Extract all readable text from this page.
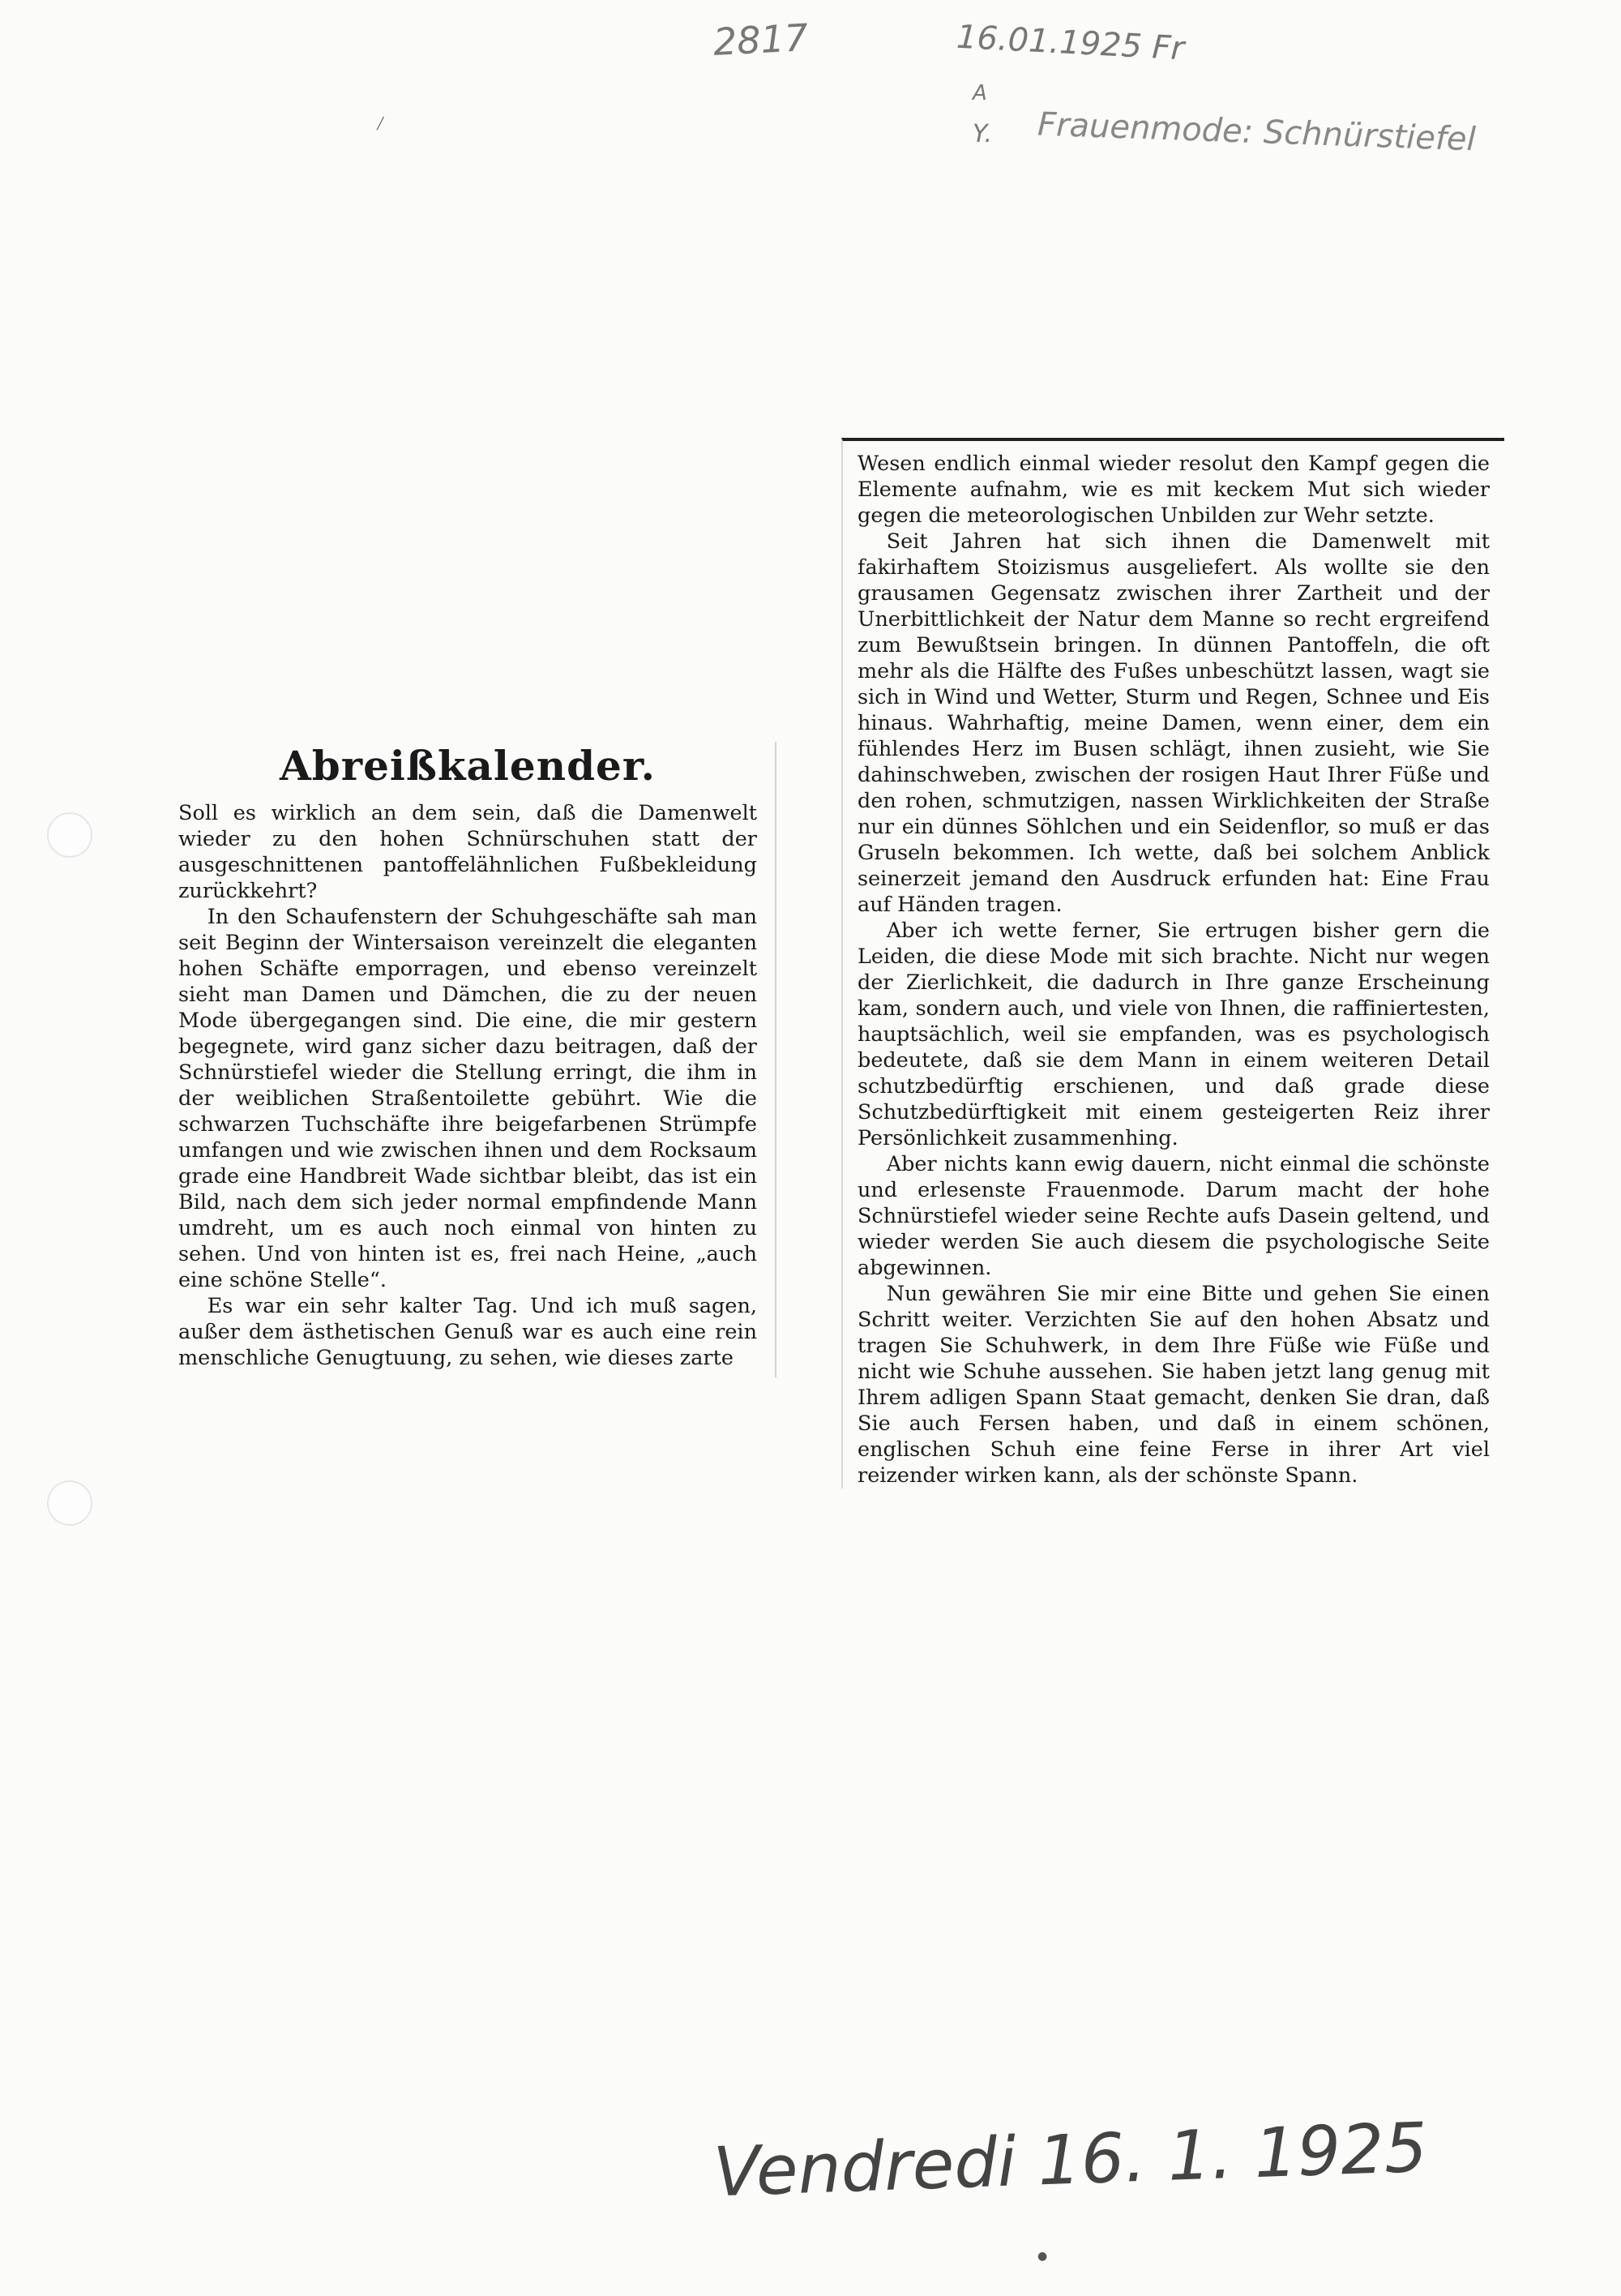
2817	16.01.1925 Fr
A
Y. Frauenmode: Schnürstiefel
╱
●
Abreißkalender.

Soll es wirklich an dem sein, daß die Damenwelt wieder zu den hohen Schnürschuhen statt der ausgeschnittenen pantoffelähnlichen Fußbekleidung zurückkehrt?

In den Schaufenstern der Schuhgeschäfte sah man seit Beginn der Wintersaison vereinzelt die eleganten hohen Schäfte emporragen, und ebenso vereinzelt sieht man Damen und Dämchen, die zu der neuen Mode übergegangen sind. Die eine, die mir gestern begegnete, wird ganz sicher dazu beitragen, daß der Schnürstiefel wieder die Stellung erringt, die ihm in der weiblichen Straßentoilette gebührt. Wie die schwarzen Tuchschäfte ihre beigefarbenen Strümpfe umfangen und wie zwischen ihnen und dem Rocksaum grade eine Handbreit Wade sichtbar bleibt, das ist ein Bild, nach dem sich jeder normal empfindende Mann umdreht, um es auch noch einmal von hinten zu sehen. Und von hinten ist es, frei nach Heine, „auch eine schöne Stelle“.

Es war ein sehr kalter Tag. Und ich muß sagen, außer dem ästhetischen Genuß war es auch eine rein menschliche Genugtuung, zu sehen, wie dieses zarte

Wesen endlich einmal wieder resolut den Kampf gegen die Elemente aufnahm, wie es mit keckem Mut sich wieder gegen die meteorologischen Unbilden zur Wehr setzte.

Seit Jahren hat sich ihnen die Damenwelt mit fakirhaftem Stoizismus ausgeliefert. Als wollte sie den grausamen Gegensatz zwischen ihrer Zartheit und der Unerbittlichkeit der Natur dem Manne so recht ergreifend zum Bewußtsein bringen. In dünnen Pantoffeln, die oft mehr als die Hälfte des Fußes unbeschützt lassen, wagt sie sich in Wind und Wetter, Sturm und Regen, Schnee und Eis hinaus. Wahrhaftig, meine Damen, wenn einer, dem ein fühlendes Herz im Busen schlägt, ihnen zusieht, wie Sie dahinschweben, zwischen der rosigen Haut Ihrer Füße und den rohen, schmutzigen, nassen Wirklichkeiten der Straße nur ein dünnes Söhlchen und ein Seidenflor, so muß er das Gruseln bekommen. Ich wette, daß bei solchem Anblick seinerzeit jemand den Ausdruck erfunden hat: Eine Frau auf Händen tragen.

Aber ich wette ferner, Sie ertrugen bisher gern die Leiden, die diese Mode mit sich brachte. Nicht nur wegen der Zierlichkeit, die dadurch in Ihre ganze Erscheinung kam, sondern auch, und viele von Ihnen, die raffiniertesten, hauptsächlich, weil sie empfanden, was es psychologisch bedeutete, daß sie dem Mann in einem weiteren Detail schutzbedürftig erschienen, und daß grade diese Schutzbedürftigkeit mit einem gesteigerten Reiz ihrer Persönlichkeit zusammenhing.

Aber nichts kann ewig dauern, nicht einmal die schönste und erlesenste Frauenmode. Darum macht der hohe Schnürstiefel wieder seine Rechte aufs Dasein geltend, und wieder werden Sie auch diesem die psychologische Seite abgewinnen.

Nun gewähren Sie mir eine Bitte und gehen Sie einen Schritt weiter. Verzichten Sie auf den hohen Absatz und tragen Sie Schuhwerk, in dem Ihre Füße wie Füße und nicht wie Schuhe aussehen. Sie haben jetzt lang genug mit Ihrem adligen Spann Staat gemacht, denken Sie dran, daß Sie auch Fersen haben, und daß in einem schönen, englischen Schuh eine feine Ferse in ihrer Art viel reizender wirken kann, als der schönste Spann.

Vendredi 16. 1. 1925
